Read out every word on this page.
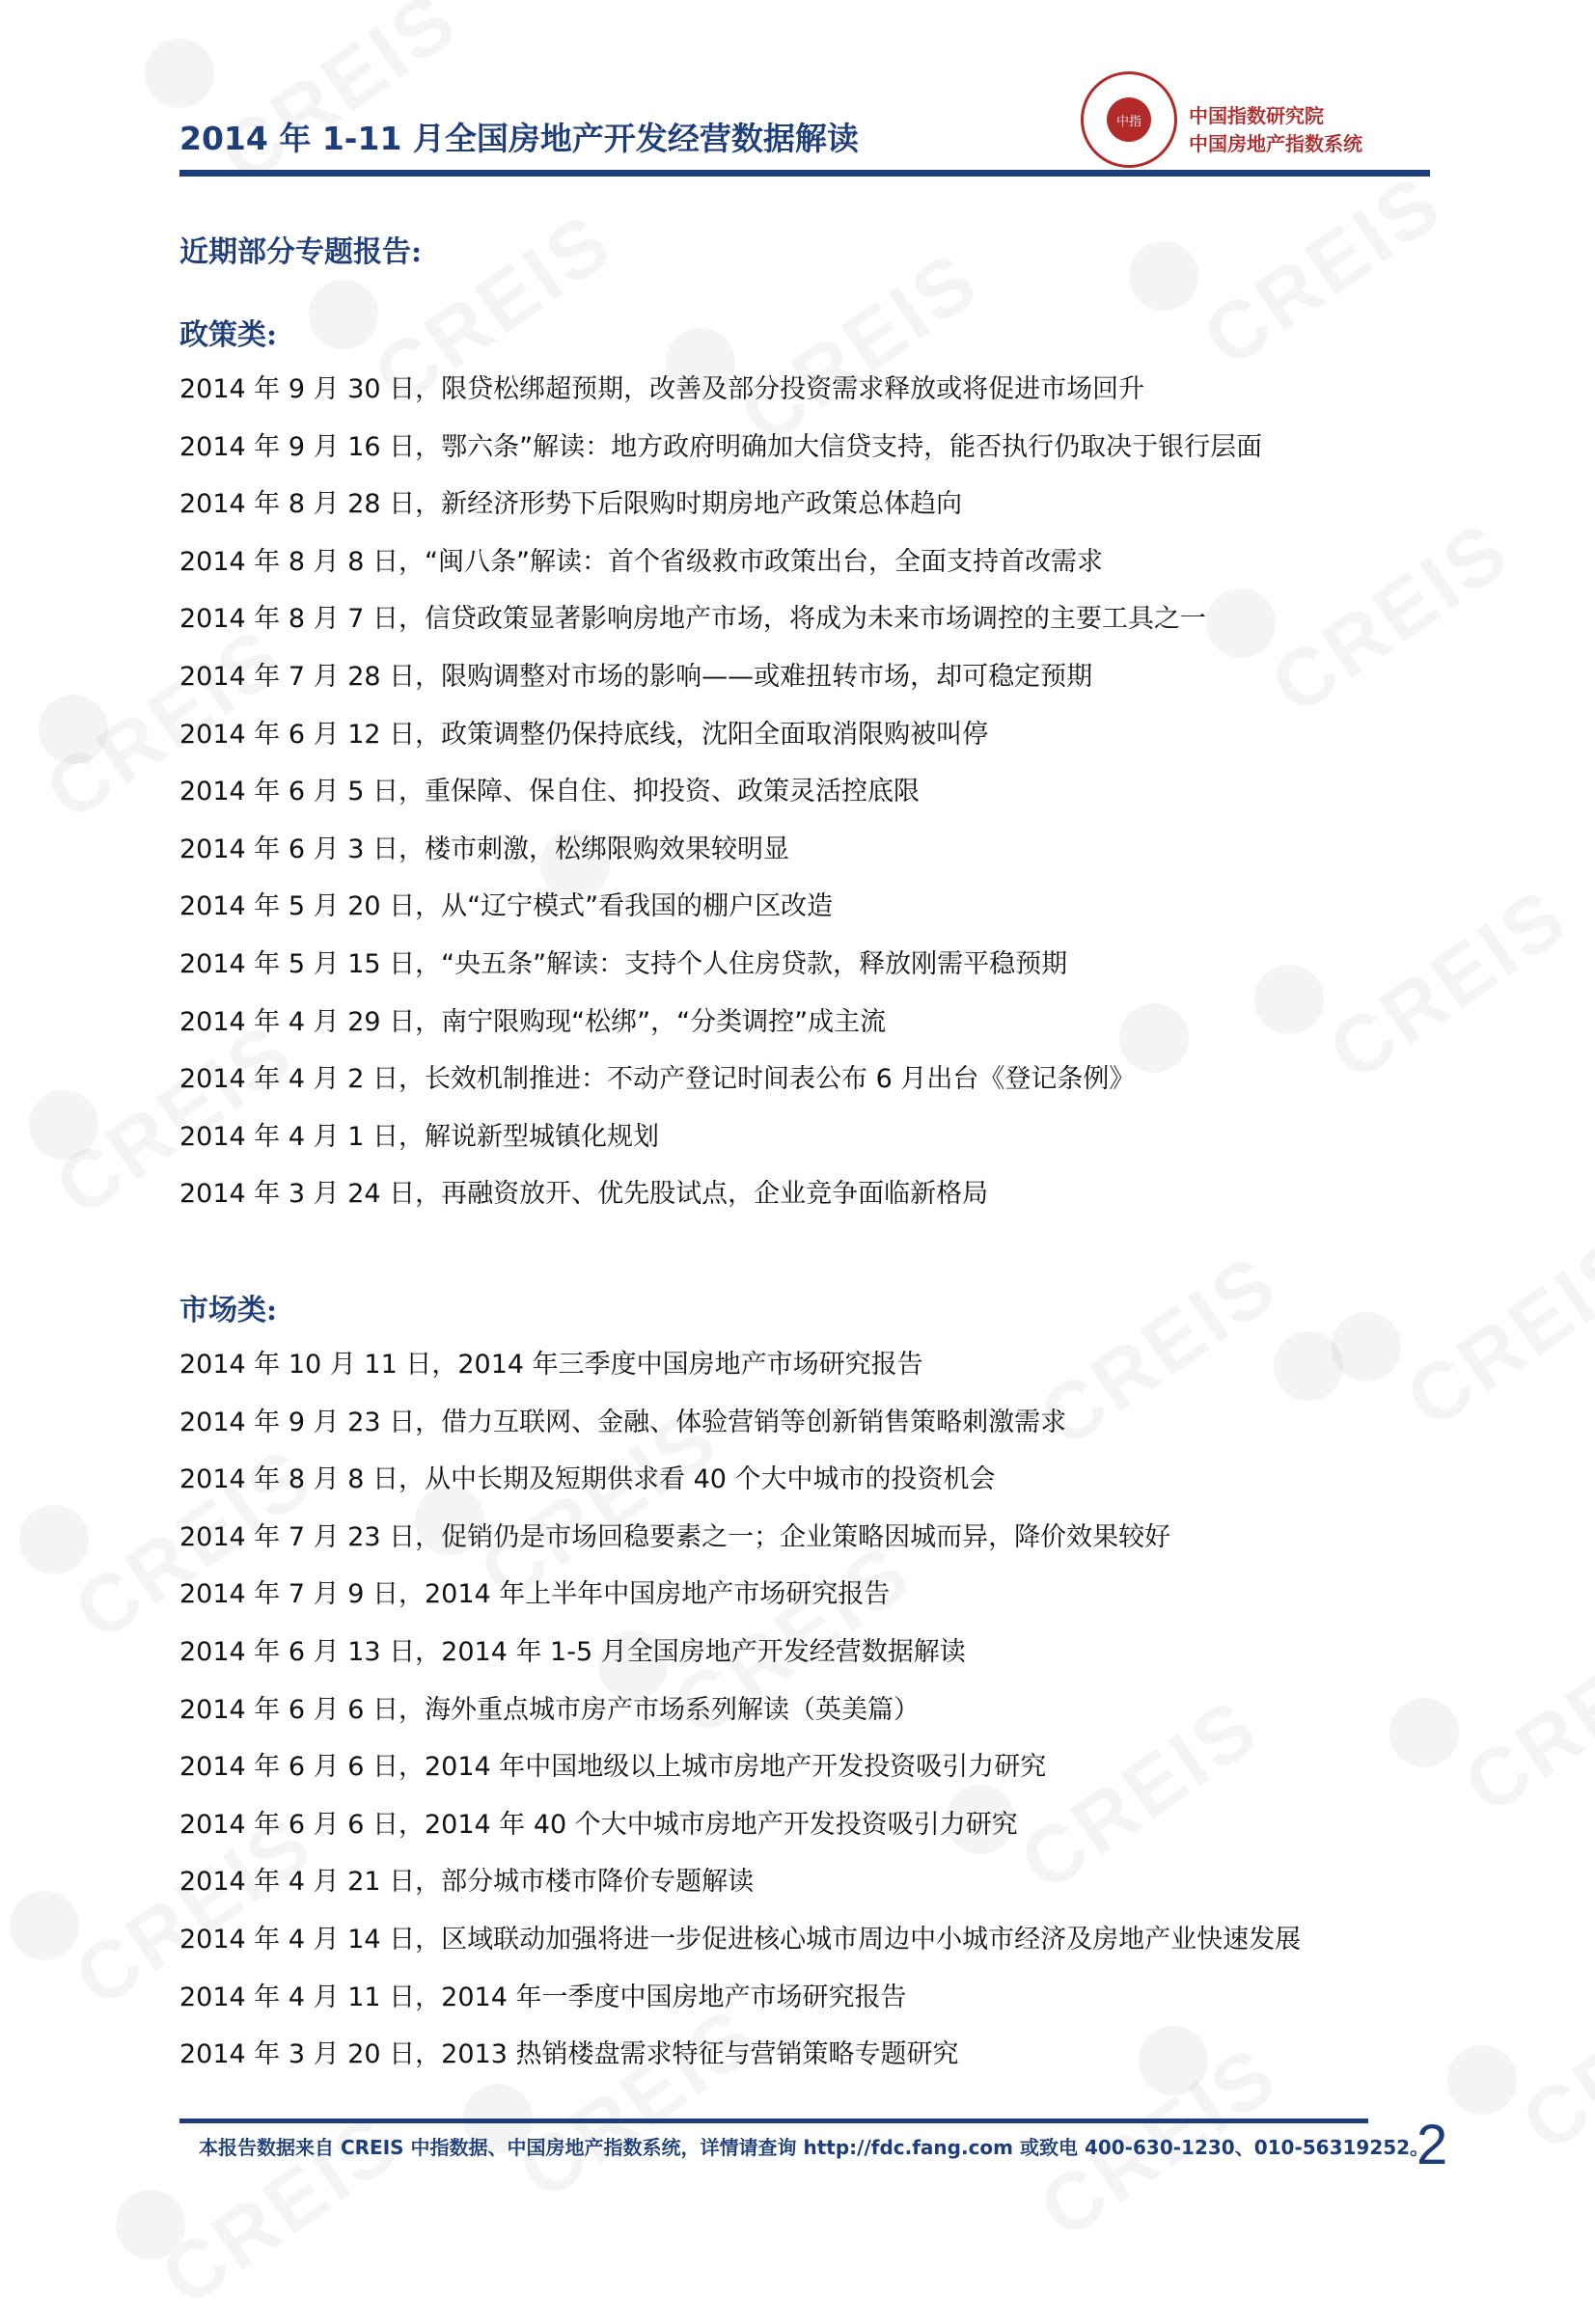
2014 年 1-11 月全国房地产开发经营数据解读	中指	中国指数研究院
中国房地产指数系统
近期部分专题报告:
政策类:
2014 年 9 月 30 日，限贷松绑超预期，改善及部分投资需求释放或将促进市场回升
2014 年 9 月 16 日，鄂六条”解读：地方政府明确加大信贷支持，能否执行仍取决于银行层面
2014 年 8 月 28 日，新经济形势下后限购时期房地产政策总体趋向
2014 年 8 月 8 日，“闽八条”解读：首个省级救市政策出台，全面支持首改需求
2014 年 8 月 7 日，信贷政策显著影响房地产市场，将成为未来市场调控的主要工具之一
2014 年 7 月 28 日，限购调整对市场的影响——或难扭转市场，却可稳定预期
2014 年 6 月 12 日，政策调整仍保持底线，沈阳全面取消限购被叫停
2014 年 6 月 5 日，重保障、保自住、抑投资、政策灵活控底限
2014 年 6 月 3 日，楼市刺激，松绑限购效果较明显
2014 年 5 月 20 日，从“辽宁模式”看我国的棚户区改造
2014 年 5 月 15 日，“央五条”解读：支持个人住房贷款，释放刚需平稳预期
2014 年 4 月 29 日，南宁限购现“松绑”，“分类调控”成主流
2014 年 4 月 2 日，长效机制推进：不动产登记时间表公布 6 月出台《登记条例》
2014 年 4 月 1 日，解说新型城镇化规划
2014 年 3 月 24 日，再融资放开、优先股试点，企业竞争面临新格局
市场类:
2014 年 10 月 11 日，2014 年三季度中国房地产市场研究报告
2014 年 9 月 23 日，借力互联网、金融、体验营销等创新销售策略刺激需求
2014 年 8 月 8 日，从中长期及短期供求看 40 个大中城市的投资机会
2014 年 7 月 23 日，促销仍是市场回稳要素之一；企业策略因城而异，降价效果较好
2014 年 7 月 9 日，2014 年上半年中国房地产市场研究报告
2014 年 6 月 13 日，2014 年 1-5 月全国房地产开发经营数据解读
2014 年 6 月 6 日，海外重点城市房产市场系列解读（英美篇）
2014 年 6 月 6 日，2014 年中国地级以上城市房地产开发投资吸引力研究
2014 年 6 月 6 日，2014 年 40 个大中城市房地产开发投资吸引力研究
2014 年 4 月 21 日，部分城市楼市降价专题解读
2014 年 4 月 14 日，区域联动加强将进一步促进核心城市周边中小城市经济及房地产业快速发展
2014 年 4 月 11 日，2014 年一季度中国房地产市场研究报告
2014 年 3 月 20 日，2013 热销楼盘需求特征与营销策略专题研究
本报告数据来自 CREIS 中指数据、中国房地产指数系统，详情请查询 http://fdc.fang.com 或致电 400-630-1230、010-56319252。
2
